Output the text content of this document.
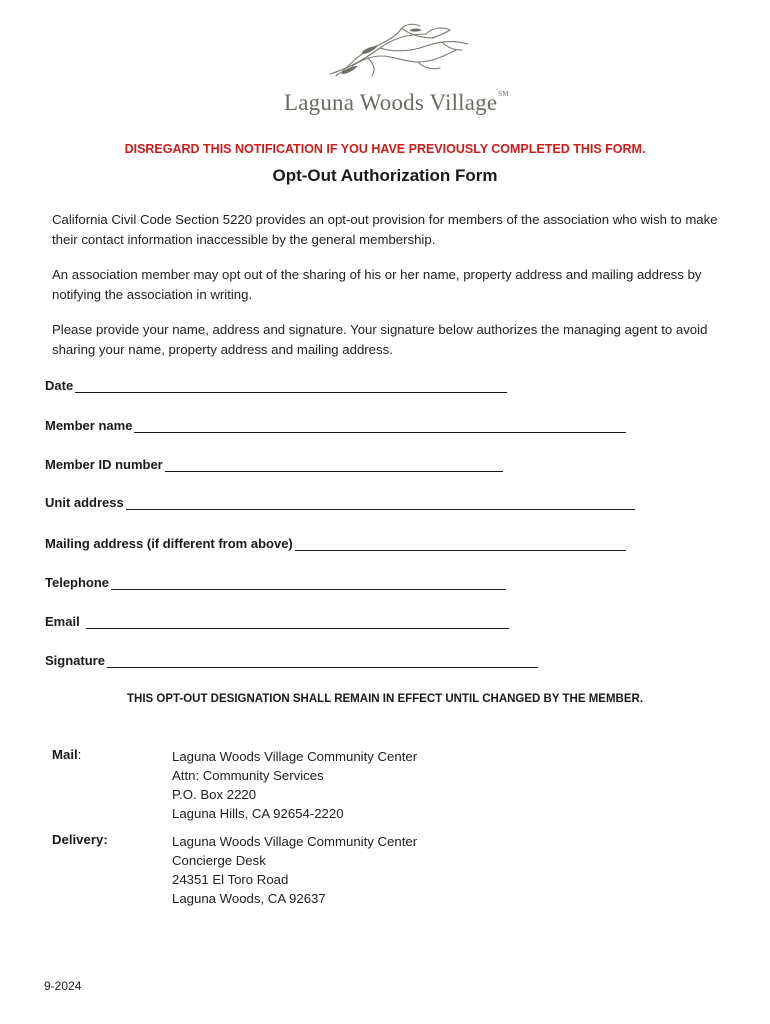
Laguna Woods Village℠
DISREGARD THIS NOTIFICATION IF YOU HAVE PREVIOUSLY COMPLETED THIS FORM.
Opt-Out Authorization Form
California Civil Code Section 5220 provides an opt-out provision for members of the association who wish to make their contact information inaccessible by the general membership.
An association member may opt out of the sharing of his or her name, property address and mailing address by notifying the association in writing.
Please provide your name, address and signature. Your signature below authorizes the managing agent to avoid sharing your name, property address and mailing address.
Date
Member name
Member ID number
Unit address
Mailing address (if different from above)
Telephone
Email
Signature
THIS OPT-OUT DESIGNATION SHALL REMAIN IN EFFECT UNTIL CHANGED BY THE MEMBER.
Mail:	Laguna Woods Village Community Center
Attn: Community Services
P.O. Box 2220
Laguna Hills, CA 92654-2220
Delivery:	Laguna Woods Village Community Center
Concierge Desk
24351 El Toro Road
Laguna Woods, CA 92637
9-2024
